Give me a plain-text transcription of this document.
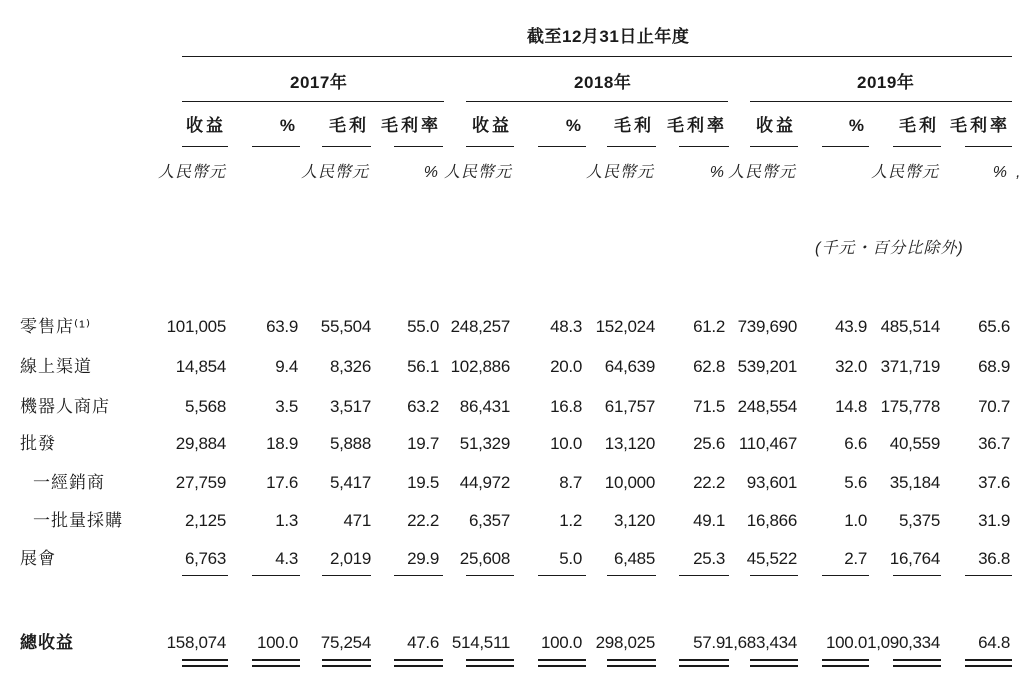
截至12月31日止年度
2017年	2018年	2019年
(千元・百分比除外)
收益	% 毛利 毛利率 收益	% 毛利 毛利率 收益	% 毛利 毛利率
人民幣元	人民幣元	% 人民幣元	人民幣元	% 人民幣元	人民幣元	% ,
零售店⁽¹⁾	101,005 63.9 55,504 55.0 248,257 48.3 152,024 61.2 739,690 43.9 485,514 65.6
線上渠道	14,854	9.4 8,326 56.1 102,886 20.0 64,639 62.8 539,201 32.0 371,719 68.9
機器人商店	5,568	3.5 3,517 63.2 86,431 16.8 61,757 71.5 248,554 14.8 175,778 70.7
批發	29,884 18.9 5,888 19.7 51,329 10.0 13,120 25.6 110,467	6.6 40,559 36.7
一經銷商	27,759 17.6 5,417 19.5 44,972	8.7 10,000 22.2 93,601	5.6 35,184 37.6
一批量採購	2,125	1.3	471 22.2 6,357	1.2 3,120 49.1 16,866	1.0 5,375 31.9
展會	6,763	4.3 2,019 29.9 25,608	5.0 6,485 25.3 45,522	2.7 16,764 36.8
總收益	158,074 100.0 75,254 47.6 514,511 100.0 298,025 57.9 1,683,434 100.0 1,090,334 64.8
